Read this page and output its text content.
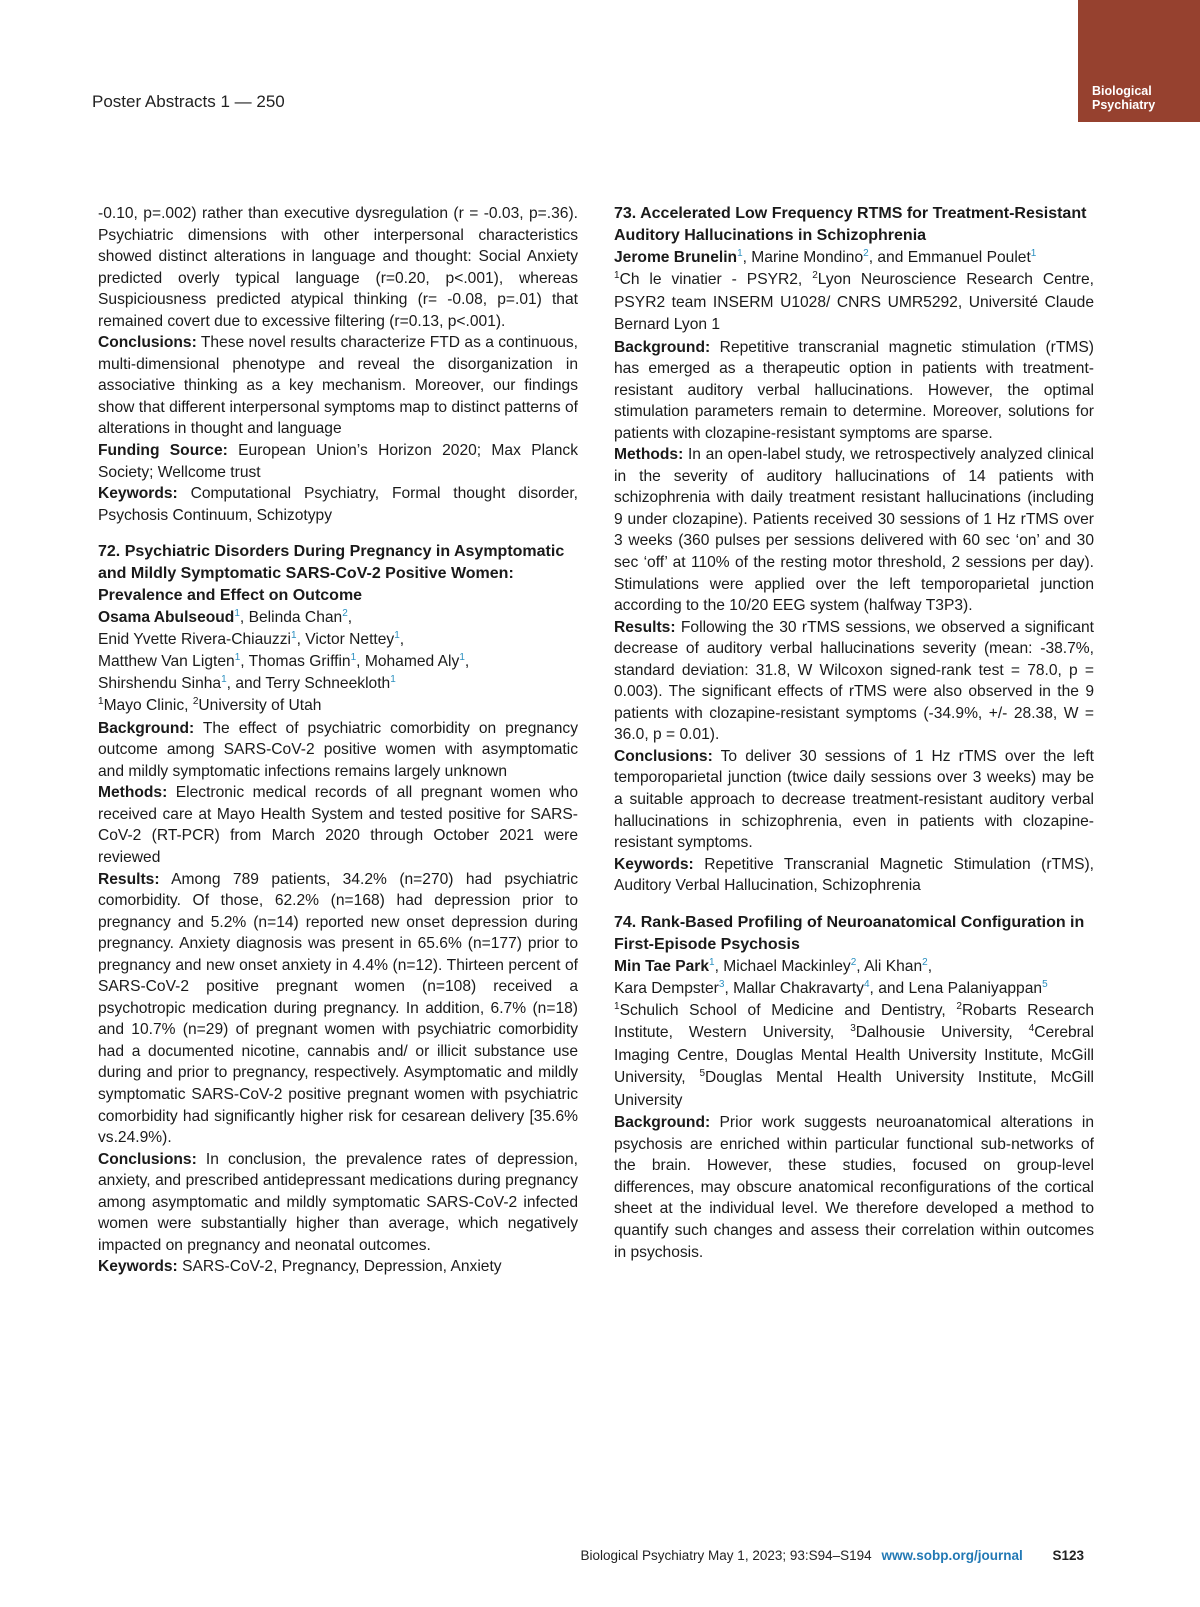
Poster Abstracts 1 — 250
Biological
Psychiatry

-0.10, p=.002) rather than executive dysregulation (r = -0.03, p=.36). Psychiatric dimensions with other interpersonal characteristics showed distinct alterations in language and thought: Social Anxiety predicted overly typical language (r=0.20, p<.001), whereas Suspiciousness predicted atypical thinking (r= -0.08, p=.01) that remained covert due to excessive filtering (r=0.13, p<.001).

Conclusions: These novel results characterize FTD as a continuous, multi-dimensional phenotype and reveal the disorganization in associative thinking as a key mechanism. Moreover, our findings show that different interpersonal symptoms map to distinct patterns of alterations in thought and language

Funding Source: European Union’s Horizon 2020; Max Planck Society; Wellcome trust

Keywords: Computational Psychiatry, Formal thought disorder, Psychosis Continuum, Schizotypy

72. Psychiatric Disorders During Pregnancy in Asymptomatic and Mildly Symptomatic SARS-CoV-2 Positive Women: Prevalence and Effect on Outcome

Osama Abulseoud$^1$, Belinda Chan$^2$,
Enid Yvette Rivera-Chiauzzi$^1$, Victor Nettey$^1$,
Matthew Van Ligten$^1$, Thomas Griffin$^1$, Mohamed Aly$^1$,
Shirshendu Sinha$^1$, and Terry Schneekloth$^1$

$^1$Mayo Clinic, $^2$University of Utah

Background: The effect of psychiatric comorbidity on pregnancy outcome among SARS-CoV-2 positive women with asymptomatic and mildly symptomatic infections remains largely unknown

Methods: Electronic medical records of all pregnant women who received care at Mayo Health System and tested positive for SARS-CoV-2 (RT-PCR) from March 2020 through October 2021 were reviewed

Results: Among 789 patients, 34.2% (n=270) had psychiatric comorbidity. Of those, 62.2% (n=168) had depression prior to pregnancy and 5.2% (n=14) reported new onset depression during pregnancy. Anxiety diagnosis was present in 65.6% (n=177) prior to pregnancy and new onset anxiety in 4.4% (n=12). Thirteen percent of SARS-CoV-2 positive pregnant women (n=108) received a psychotropic medication during pregnancy. In addition, 6.7% (n=18) and 10.7% (n=29) of pregnant women with psychiatric comorbidity had a documented nicotine, cannabis and/ or illicit substance use during and prior to pregnancy, respectively. Asymptomatic and mildly symptomatic SARS-CoV-2 positive pregnant women with psychiatric comorbidity had significantly higher risk for cesarean delivery [35.6% vs.24.9%).

Conclusions: In conclusion, the prevalence rates of depression, anxiety, and prescribed antidepressant medications during pregnancy among asymptomatic and mildly symptomatic SARS-CoV-2 infected women were substantially higher than average, which negatively impacted on pregnancy and neonatal outcomes.

Keywords: SARS-CoV-2, Pregnancy, Depression, Anxiety

73. Accelerated Low Frequency RTMS for Treatment-Resistant Auditory Hallucinations in Schizophrenia

Jerome Brunelin$^1$, Marine Mondino$^2$, and Emmanuel Poulet$^1$

$^1$Ch le vinatier - PSYR2, $^2$Lyon Neuroscience Research Centre, PSYR2 team INSERM U1028/ CNRS UMR5292, Université Claude Bernard Lyon 1

Background: Repetitive transcranial magnetic stimulation (rTMS) has emerged as a therapeutic option in patients with treatment-resistant auditory verbal hallucinations. However, the optimal stimulation parameters remain to determine. Moreover, solutions for patients with clozapine-resistant symptoms are sparse.

Methods: In an open-label study, we retrospectively analyzed clinical in the severity of auditory hallucinations of 14 patients with schizophrenia with daily treatment resistant hallucinations (including 9 under clozapine). Patients received 30 sessions of 1 Hz rTMS over 3 weeks (360 pulses per sessions delivered with 60 sec ‘on’ and 30 sec ‘off’ at 110% of the resting motor threshold, 2 sessions per day). Stimulations were applied over the left temporoparietal junction according to the 10/20 EEG system (halfway T3P3).

Results: Following the 30 rTMS sessions, we observed a significant decrease of auditory verbal hallucinations severity (mean: -38.7%, standard deviation: 31.8, W Wilcoxon signed-rank test = 78.0, p = 0.003). The significant effects of rTMS were also observed in the 9 patients with clozapine-resistant symptoms (-34.9%, +/- 28.38, W = 36.0, p = 0.01).

Conclusions: To deliver 30 sessions of 1 Hz rTMS over the left temporoparietal junction (twice daily sessions over 3 weeks) may be a suitable approach to decrease treatment-resistant auditory verbal hallucinations in schizophrenia, even in patients with clozapine-resistant symptoms.

Keywords: Repetitive Transcranial Magnetic Stimulation (rTMS), Auditory Verbal Hallucination, Schizophrenia

74. Rank-Based Profiling of Neuroanatomical Configuration in First-Episode Psychosis

Min Tae Park$^1$, Michael Mackinley$^2$, Ali Khan$^2$,
Kara Dempster$^3$, Mallar Chakravarty$^4$, and Lena Palaniyappan$^5$

$^1$Schulich School of Medicine and Dentistry, $^2$Robarts Research Institute, Western University, $^3$Dalhousie University, $^4$Cerebral Imaging Centre, Douglas Mental Health University Institute, McGill University, $^5$Douglas Mental Health University Institute, McGill University

Background: Prior work suggests neuroanatomical alterations in psychosis are enriched within particular functional sub-networks of the brain. However, these studies, focused on group-level differences, may obscure anatomical reconfigurations of the cortical sheet at the individual level. We therefore developed a method to quantify such changes and assess their correlation within outcomes in psychosis.

Biological Psychiatry May 1, 2023; 93:S94–S194 www.sobp.org/journal S123
